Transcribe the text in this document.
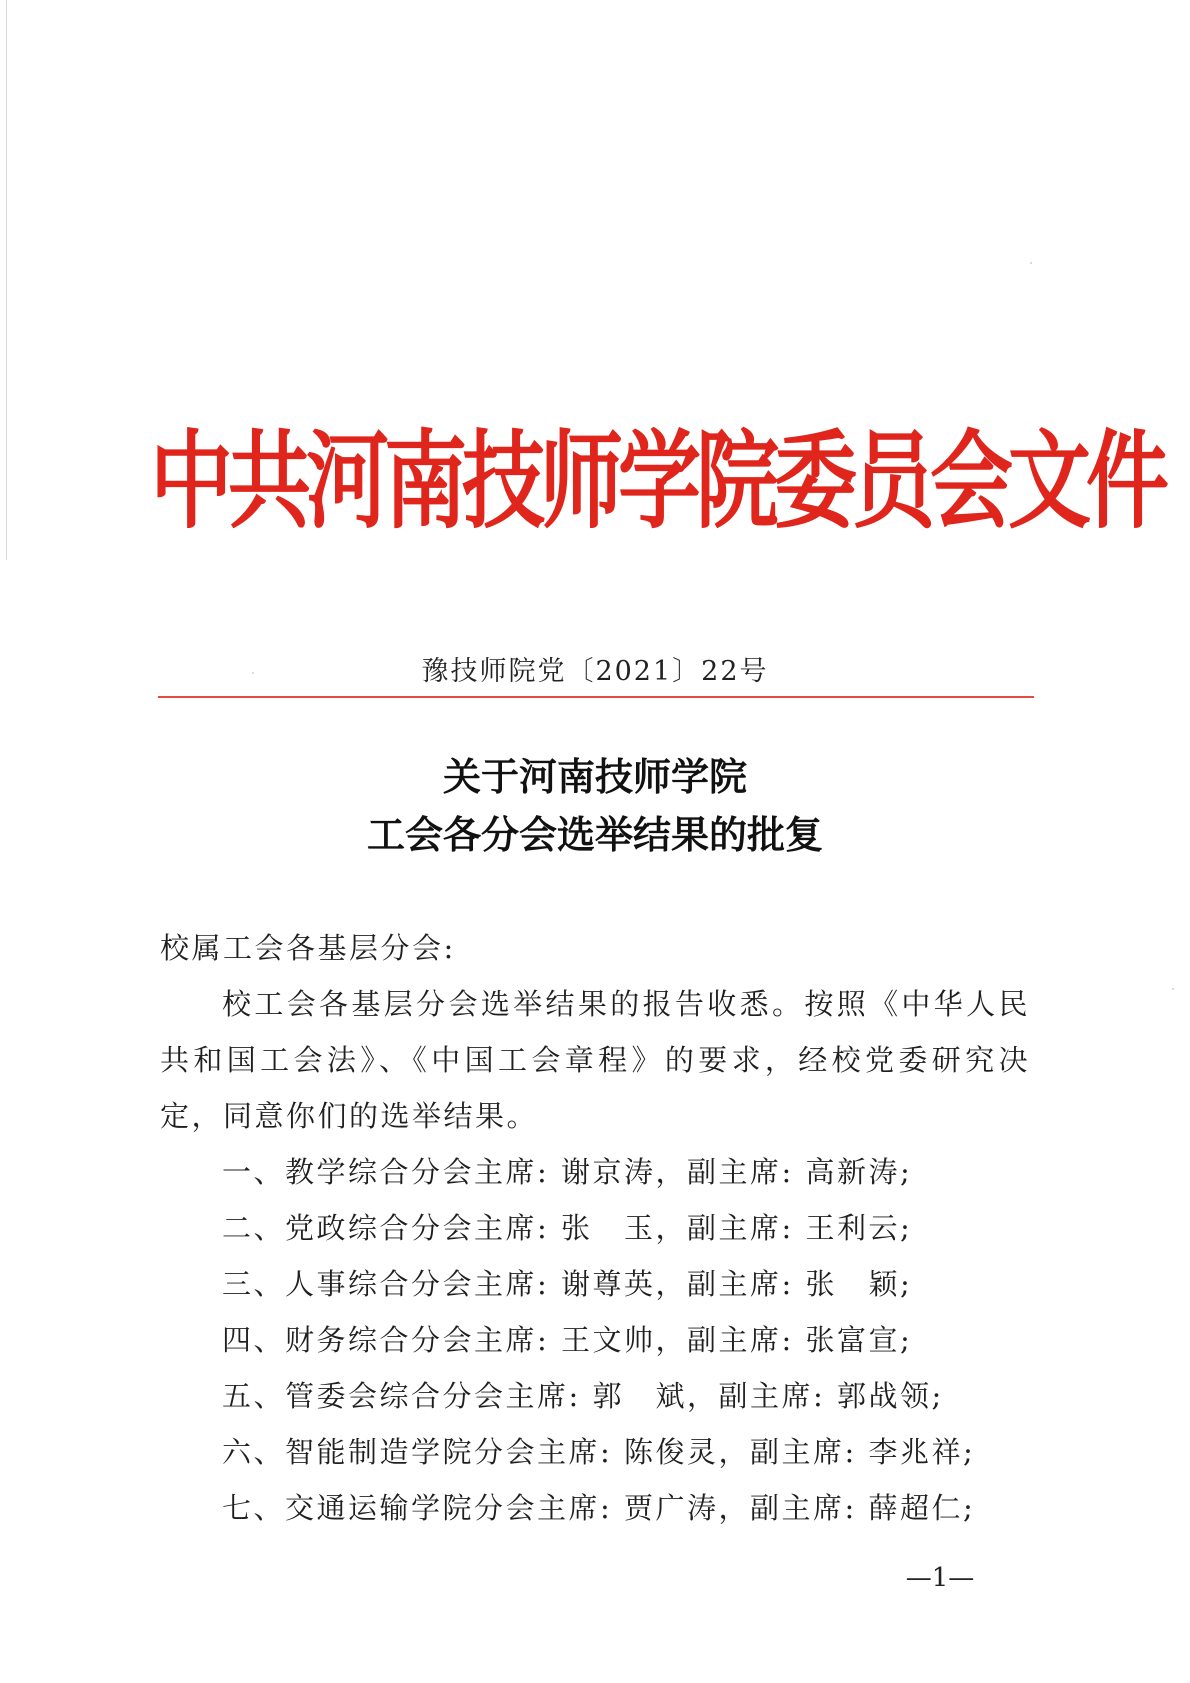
中共河南技师学院委员会文件
豫技师院党〔2021〕22号
关于河南技师学院
工会各分会选举结果的批复
校属工会各基层分会:
校工会各基层分会选举结果的报告收悉。按照《中华人民共和国工会法》、《中国工会章程》的要求，经校党委研究决定，同意你们的选举结果。
一、教学综合分会主席: 谢京涛，副主席: 高新涛;
二、党政综合分会主席: 张　玉，副主席: 王利云;
三、人事综合分会主席: 谢尊英，副主席: 张　颖;
四、财务综合分会主席: 王文帅，副主席: 张富宣;
五、管委会综合分会主席: 郭　斌，副主席: 郭战领;
六、智能制造学院分会主席: 陈俊灵，副主席: 李兆祥;
七、交通运输学院分会主席: 贾广涛，副主席: 薛超仁;
—1—
